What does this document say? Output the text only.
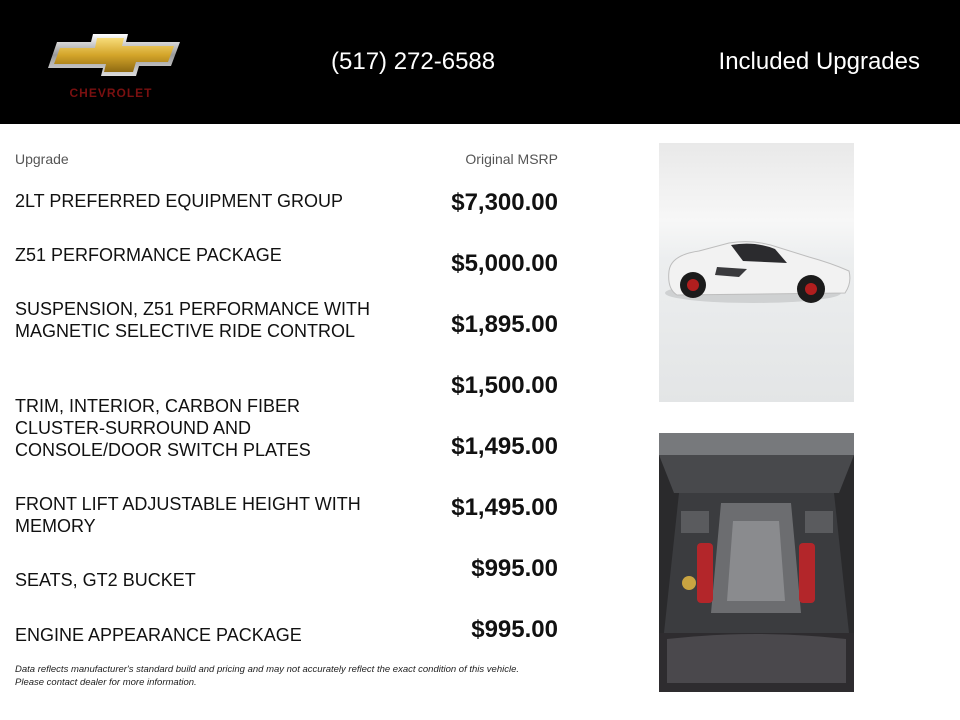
CHEVROLET
(517) 272-6588	Included Upgrades
Upgrade	Original MSRP
2LT PREFERRED EQUIPMENT GROUP
Z51 PERFORMANCE PACKAGE
SUSPENSION, Z51 PERFORMANCE WITH MAGNETIC SELECTIVE RIDE CONTROL
TRIM, INTERIOR, CARBON FIBER CLUSTER-SURROUND AND CONSOLE/DOOR SWITCH PLATES
FRONT LIFT ADJUSTABLE HEIGHT WITH MEMORY
SEATS, GT2 BUCKET
ENGINE APPEARANCE PACKAGE
$7,300.00
$5,000.00
$1,895.00
$1,500.00
$1,495.00
$1,495.00
$995.00
$995.00
Data reflects manufacturer's standard build and pricing and may not accurately reflect the exact condition of this vehicle.
Please contact dealer for more information.
